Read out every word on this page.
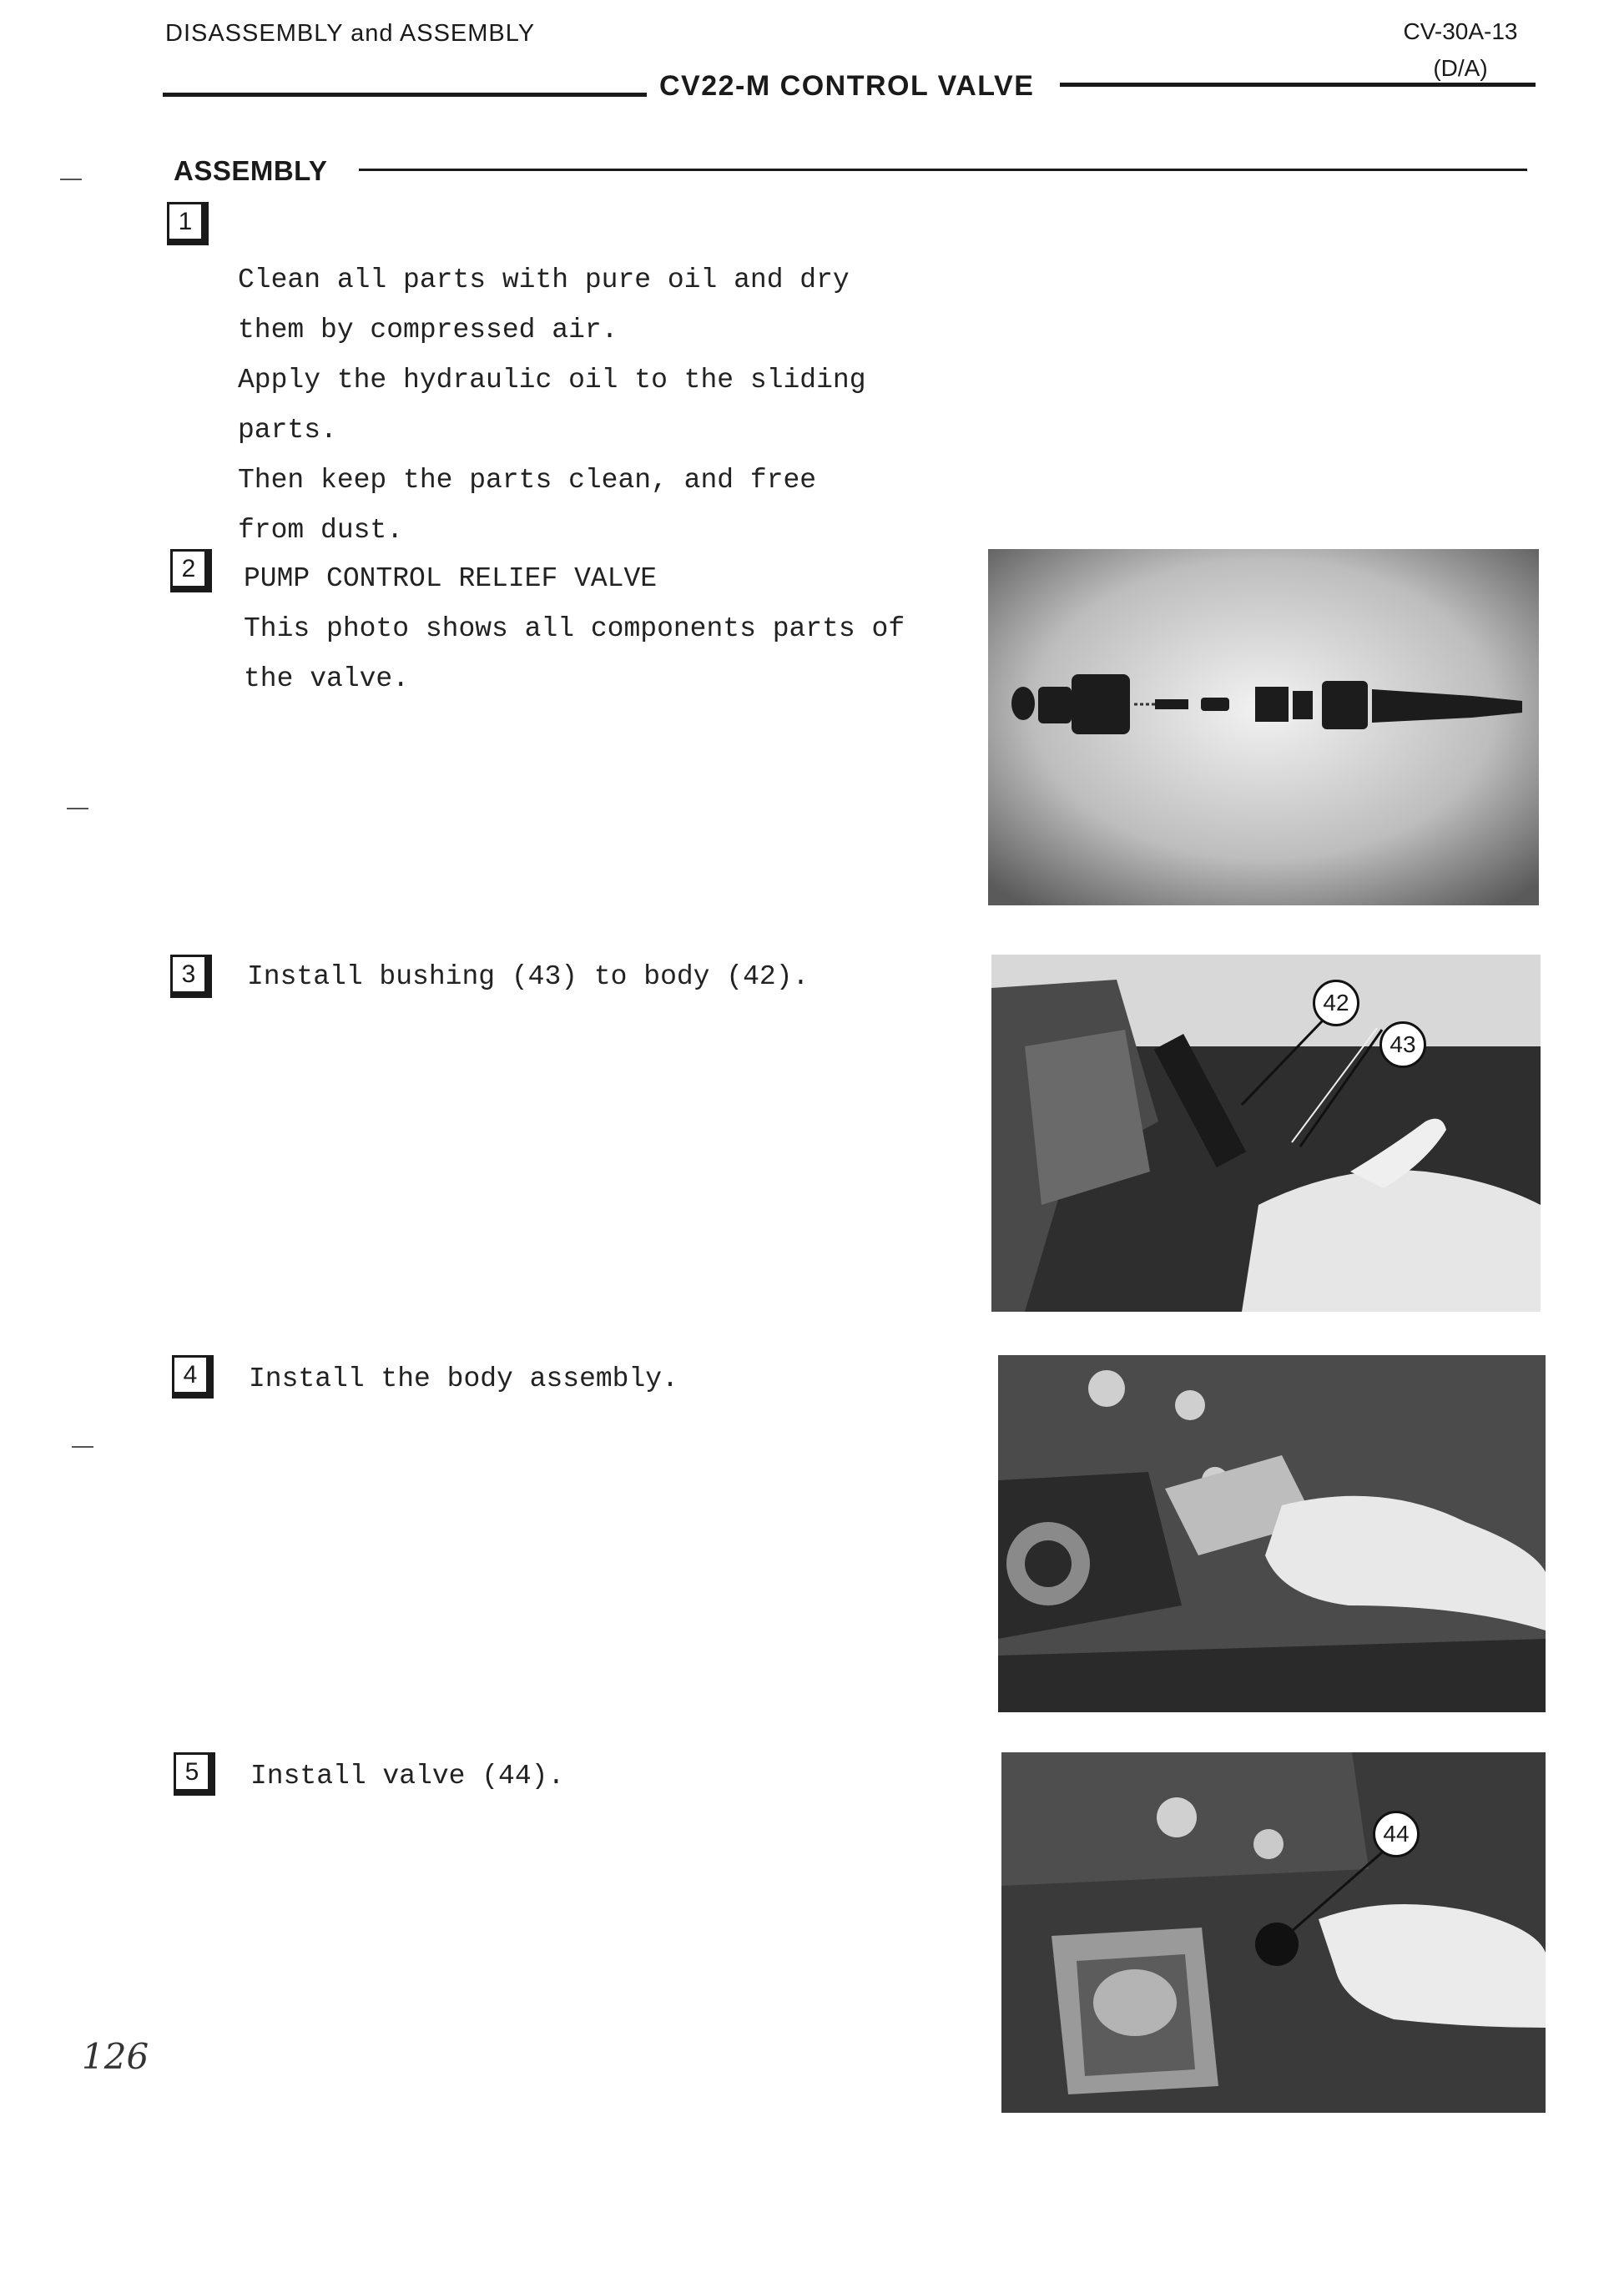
DISASSEMBLY and ASSEMBLY	CV-30A-13
(D/A)
CV22-M CONTROL VALVE
ASSEMBLY
1
Clean all parts with pure oil and dry
them by compressed air.
Apply the hydraulic oil to the sliding
parts.
Then keep the parts clean, and free
from dust.
2	PUMP CONTROL RELIEF VALVE
This photo shows all components parts of
the valve.
3	Install bushing (43) to body (42).
42
43
4	Install the body assembly.
5	Install valve (44).
44
126
